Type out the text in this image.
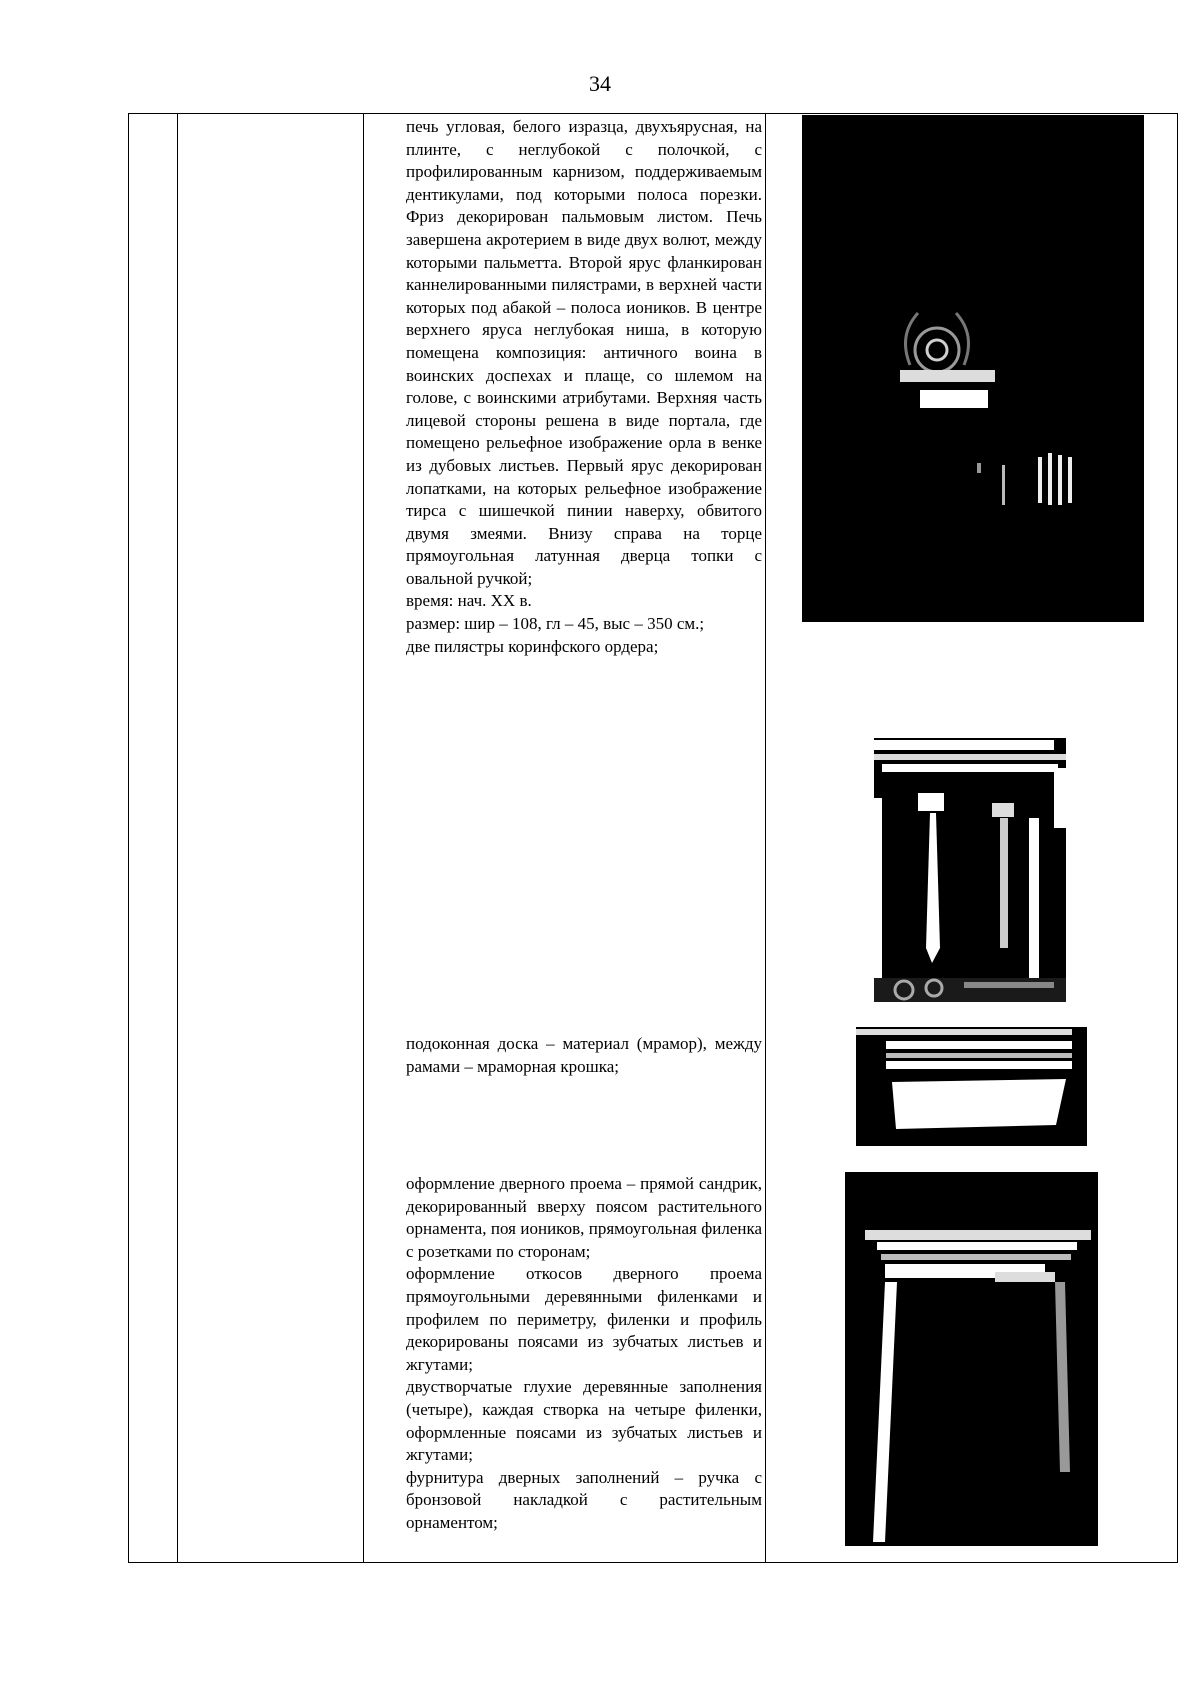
34

печь угловая, белого изразца, двухъярусная, на плинте, с неглубокой с полочкой, с профилированным карнизом, поддерживаемым дентикулами, под которыми полоса порезки. Фриз декорирован пальмовым листом. Печь завершена акротерием в виде двух волют, между которыми пальметта. Второй ярус фланкирован каннелированными пилястрами, в верхней части которых под абакой – полоса иоников. В центре верхнего яруса неглубокая ниша, в которую помещена композиция: античного воина в воинских доспехах и плаще, со шлемом на голове, с воинскими атрибутами. Верхняя часть лицевой стороны решена в виде портала, где помещено рельефное изображение орла в венке из дубовых листьев. Первый ярус декорирован лопатками, на которых рельефное изображение тирса с шишечкой пинии наверху, обвитого двумя змеями. Внизу справа на торце прямоугольная латунная дверца топки с овальной ручкой;

время: нач. XX в.

размер: шир – 108, гл – 45, выс – 350 см.;

две пилястры коринфского ордера;

подоконная доска – материал (мрамор), между рамами – мраморная крошка;

оформление дверного проема – прямой сандрик, декорированный вверху поясом растительного орнамента, поя иоников, прямоугольная филенка с розетками по сторонам;

оформление откосов дверного проема прямоугольными деревянными филенками и профилем по периметру, филенки и профиль декорированы поясами из зубчатых листьев и жгутами;

двустворчатые глухие деревянные заполнения (четыре), каждая створка на четыре филенки, оформленные поясами из зубчатых листьев и жгутами;

фурнитура дверных заполнений – ручка с бронзовой накладкой с растительным орнаментом;
